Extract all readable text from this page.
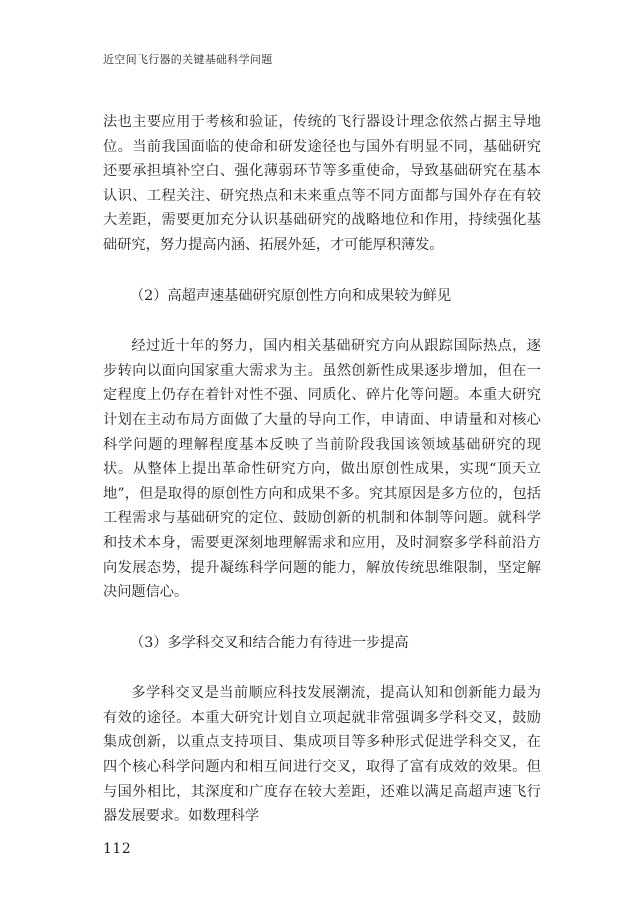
近空间飞行器的关键基础科学问题

法也主要应用于考核和验证，传统的飞行器设计理念依然占据主导地位。当前我国面临的使命和研发途径也与国外有明显不同，基础研究还要承担填补空白、强化薄弱环节等多重使命，导致基础研究在基本认识、工程关注、研究热点和未来重点等不同方面都与国外存在有较大差距，需要更加充分认识基础研究的战略地位和作用，持续强化基础研究，努力提高内涵、拓展外延，才可能厚积薄发。

（2）高超声速基础研究原创性方向和成果较为鲜见

经过近十年的努力，国内相关基础研究方向从跟踪国际热点，逐步转向以面向国家重大需求为主。虽然创新性成果逐步增加，但在一定程度上仍存在着针对性不强、同质化、碎片化等问题。本重大研究计划在主动布局方面做了大量的导向工作，申请面、申请量和对核心科学问题的理解程度基本反映了当前阶段我国该领域基础研究的现状。从整体上提出革命性研究方向，做出原创性成果，实现“顶天立地”，但是取得的原创性方向和成果不多。究其原因是多方位的，包括工程需求与基础研究的定位、鼓励创新的机制和体制等问题。就科学和技术本身，需要更深刻地理解需求和应用，及时洞察多学科前沿方向发展态势，提升凝练科学问题的能力，解放传统思维限制，坚定解决问题信心。

（3）多学科交叉和结合能力有待进一步提高

多学科交叉是当前顺应科技发展潮流，提高认知和创新能力最为有效的途径。本重大研究计划自立项起就非常强调多学科交叉，鼓励集成创新，以重点支持项目、集成项目等多种形式促进学科交叉，在四个核心科学问题内和相互间进行交叉，取得了富有成效的效果。但与国外相比，其深度和广度存在较大差距，还难以满足高超声速飞行器发展要求。如数理科学

112
